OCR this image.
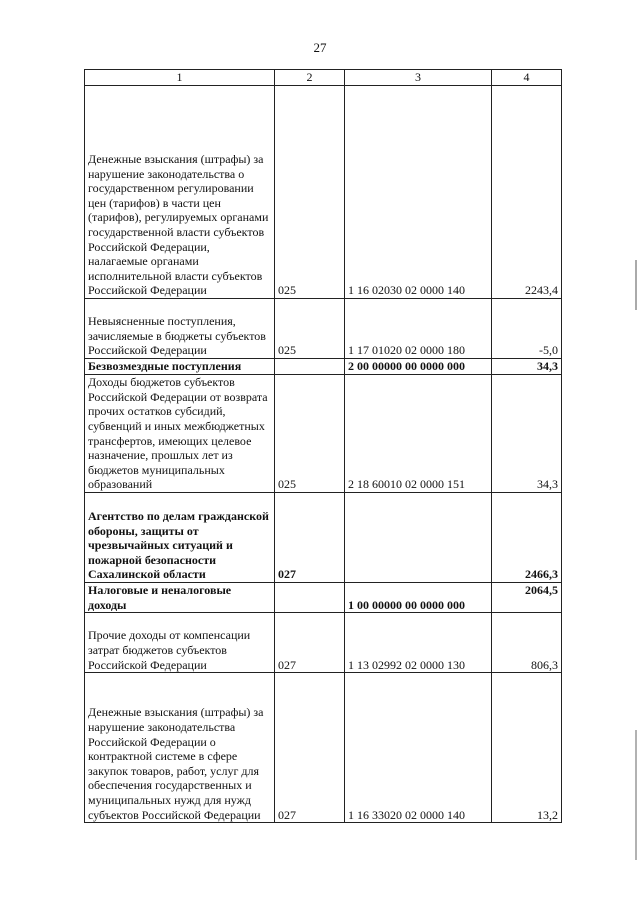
27
1	2	3	4
Денежные взыскания (штрафы) за нарушение законодательства о государственном регулировании цен (тарифов) в части цен (тарифов), регулируемых органами государственной власти субъектов Российской Федерации, налагаемые органами исполнительной власти субъектов Российской Федерации	025	1 16 02030 02 0000 140	2243,4
Невыясненные поступления, зачисляемые в бюджеты субъектов Российской Федерации	025	1 17 01020 02 0000 180	-5,0
Безвозмездные поступления		2 00 00000 00 0000 000	34,3
Доходы бюджетов субъектов Российской Федерации от возврата прочих остатков субсидий, субвенций и иных межбюджетных трансфертов, имеющих целевое назначение, прошлых лет из бюджетов муниципальных образований	025	2 18 60010 02 0000 151	34,3
Агентство по делам гражданской обороны, защиты от чрезвычайных ситуаций и пожарной безопасности Сахалинской области	027		2466,3
Налоговые и неналоговые доходы		1 00 00000 00 0000 000	2064,5
Прочие доходы от компенсации затрат бюджетов субъектов Российской Федерации	027	1 13 02992 02 0000 130	806,3
Денежные взыскания (штрафы) за нарушение законодательства Российской Федерации о контрактной системе в сфере закупок товаров, работ, услуг для обеспечения государственных и муниципальных нужд для нужд субъектов Российской Федерации	027	1 16 33020 02 0000 140	13,2
